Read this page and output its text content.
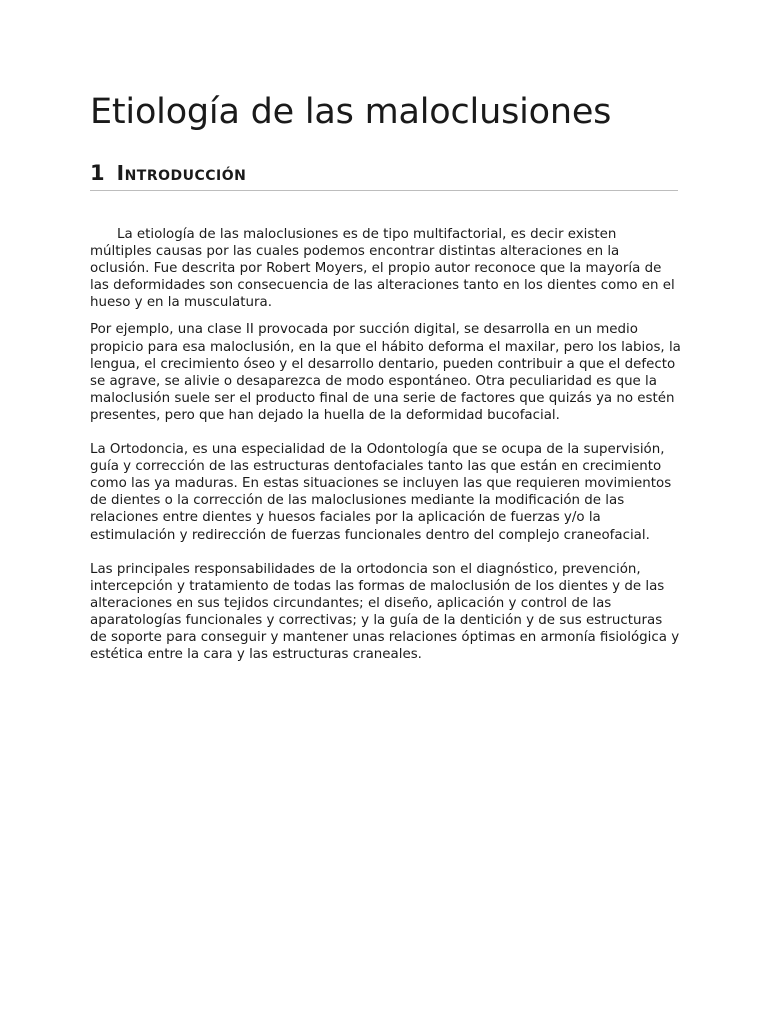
Etiología de las maloclusiones
1 Introducción

La etiología de las maloclusiones es de tipo multifactorial, es decir existen múltiples causas por las cuales podemos encontrar distintas alteraciones en la oclusión. Fue descrita por Robert Moyers, el propio autor reconoce que la mayoría de las deformidades son consecuencia de las alteraciones tanto en los dientes como en el hueso y en la musculatura.

Por ejemplo, una clase II provocada por succión digital, se desarrolla en un medio propicio para esa maloclusión, en la que el hábito deforma el maxilar, pero los labios, la lengua, el crecimiento óseo y el desarrollo dentario, pueden contribuir a que el defecto se agrave, se alivie o desaparezca de modo espontáneo. Otra peculiaridad es que la maloclusión suele ser el producto final de una serie de factores que quizás ya no estén presentes, pero que han dejado la huella de la deformidad bucofacial.

La Ortodoncia, es una especialidad de la Odontología que se ocupa de la supervisión, guía y corrección de las estructuras dentofaciales tanto las que están en crecimiento como las ya maduras. En estas situaciones se incluyen las que requieren movimientos de dientes o la corrección de las maloclusiones mediante la modificación de las relaciones entre dientes y huesos faciales por la aplicación de fuerzas y/o la estimulación y redirección de fuerzas funcionales dentro del complejo craneofacial.

Las principales responsabilidades de la ortodoncia son el diagnóstico, prevención, intercepción y tratamiento de todas las formas de maloclusión de los dientes y de las alteraciones en sus tejidos circundantes; el diseño, aplicación y control de las aparatologías funcionales y correctivas; y la guía de la dentición y de sus estructuras de soporte para conseguir y mantener unas relaciones óptimas en armonía fisiológica y estética entre la cara y las estructuras craneales.
